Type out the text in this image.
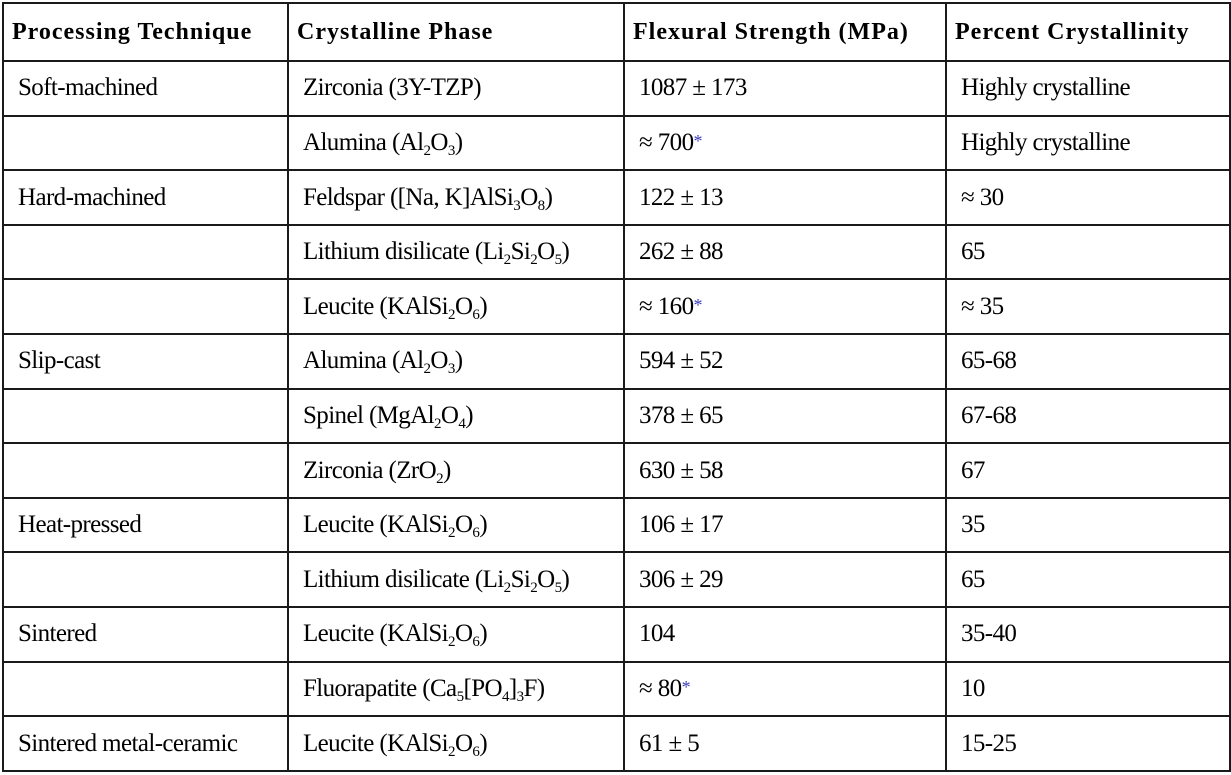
Processing Technique	Crystalline Phase	Flexural Strength (MPa)	Percent Crystallinity
Soft-machined	Zirconia (3Y-TZP)	1087 ± 173	Highly crystalline
	Alumina $(Al_2O_3)$	≈ 700*	Highly crystalline
Hard-machined	Feldspar ([Na, $K]AlSi_3O_8$)	122 ± 13	≈ 30
	Lithium disilicate $(Li_2Si_2O_5)$	262 ± 88	65
	Leucite $(KAlSi_2O_6)$	≈ 160*	≈ 35
Slip-cast	Alumina $(Al_2O_3)$	594 ± 52	65-68
	Spinel $(MgAl_2O_4)$	378 ± 65	67-68
	Zirconia (ZrO$_2$)	630 ± 58	67
Heat-pressed	Leucite $(KAlSi_2O_6)$	106 ± 17	35
	Lithium disilicate $(Li_2Si_2O_5)$	306 ± 29	65
Sintered	Leucite $(KAlSi_2O_6)$	104	35-40
	Fluorapatite $(Ca_5[PO_4]_3F)$	≈ 80*	10
Sintered metal-ceramic	Leucite $(KAlSi_2O_6)$	61 ± 5	15-25
